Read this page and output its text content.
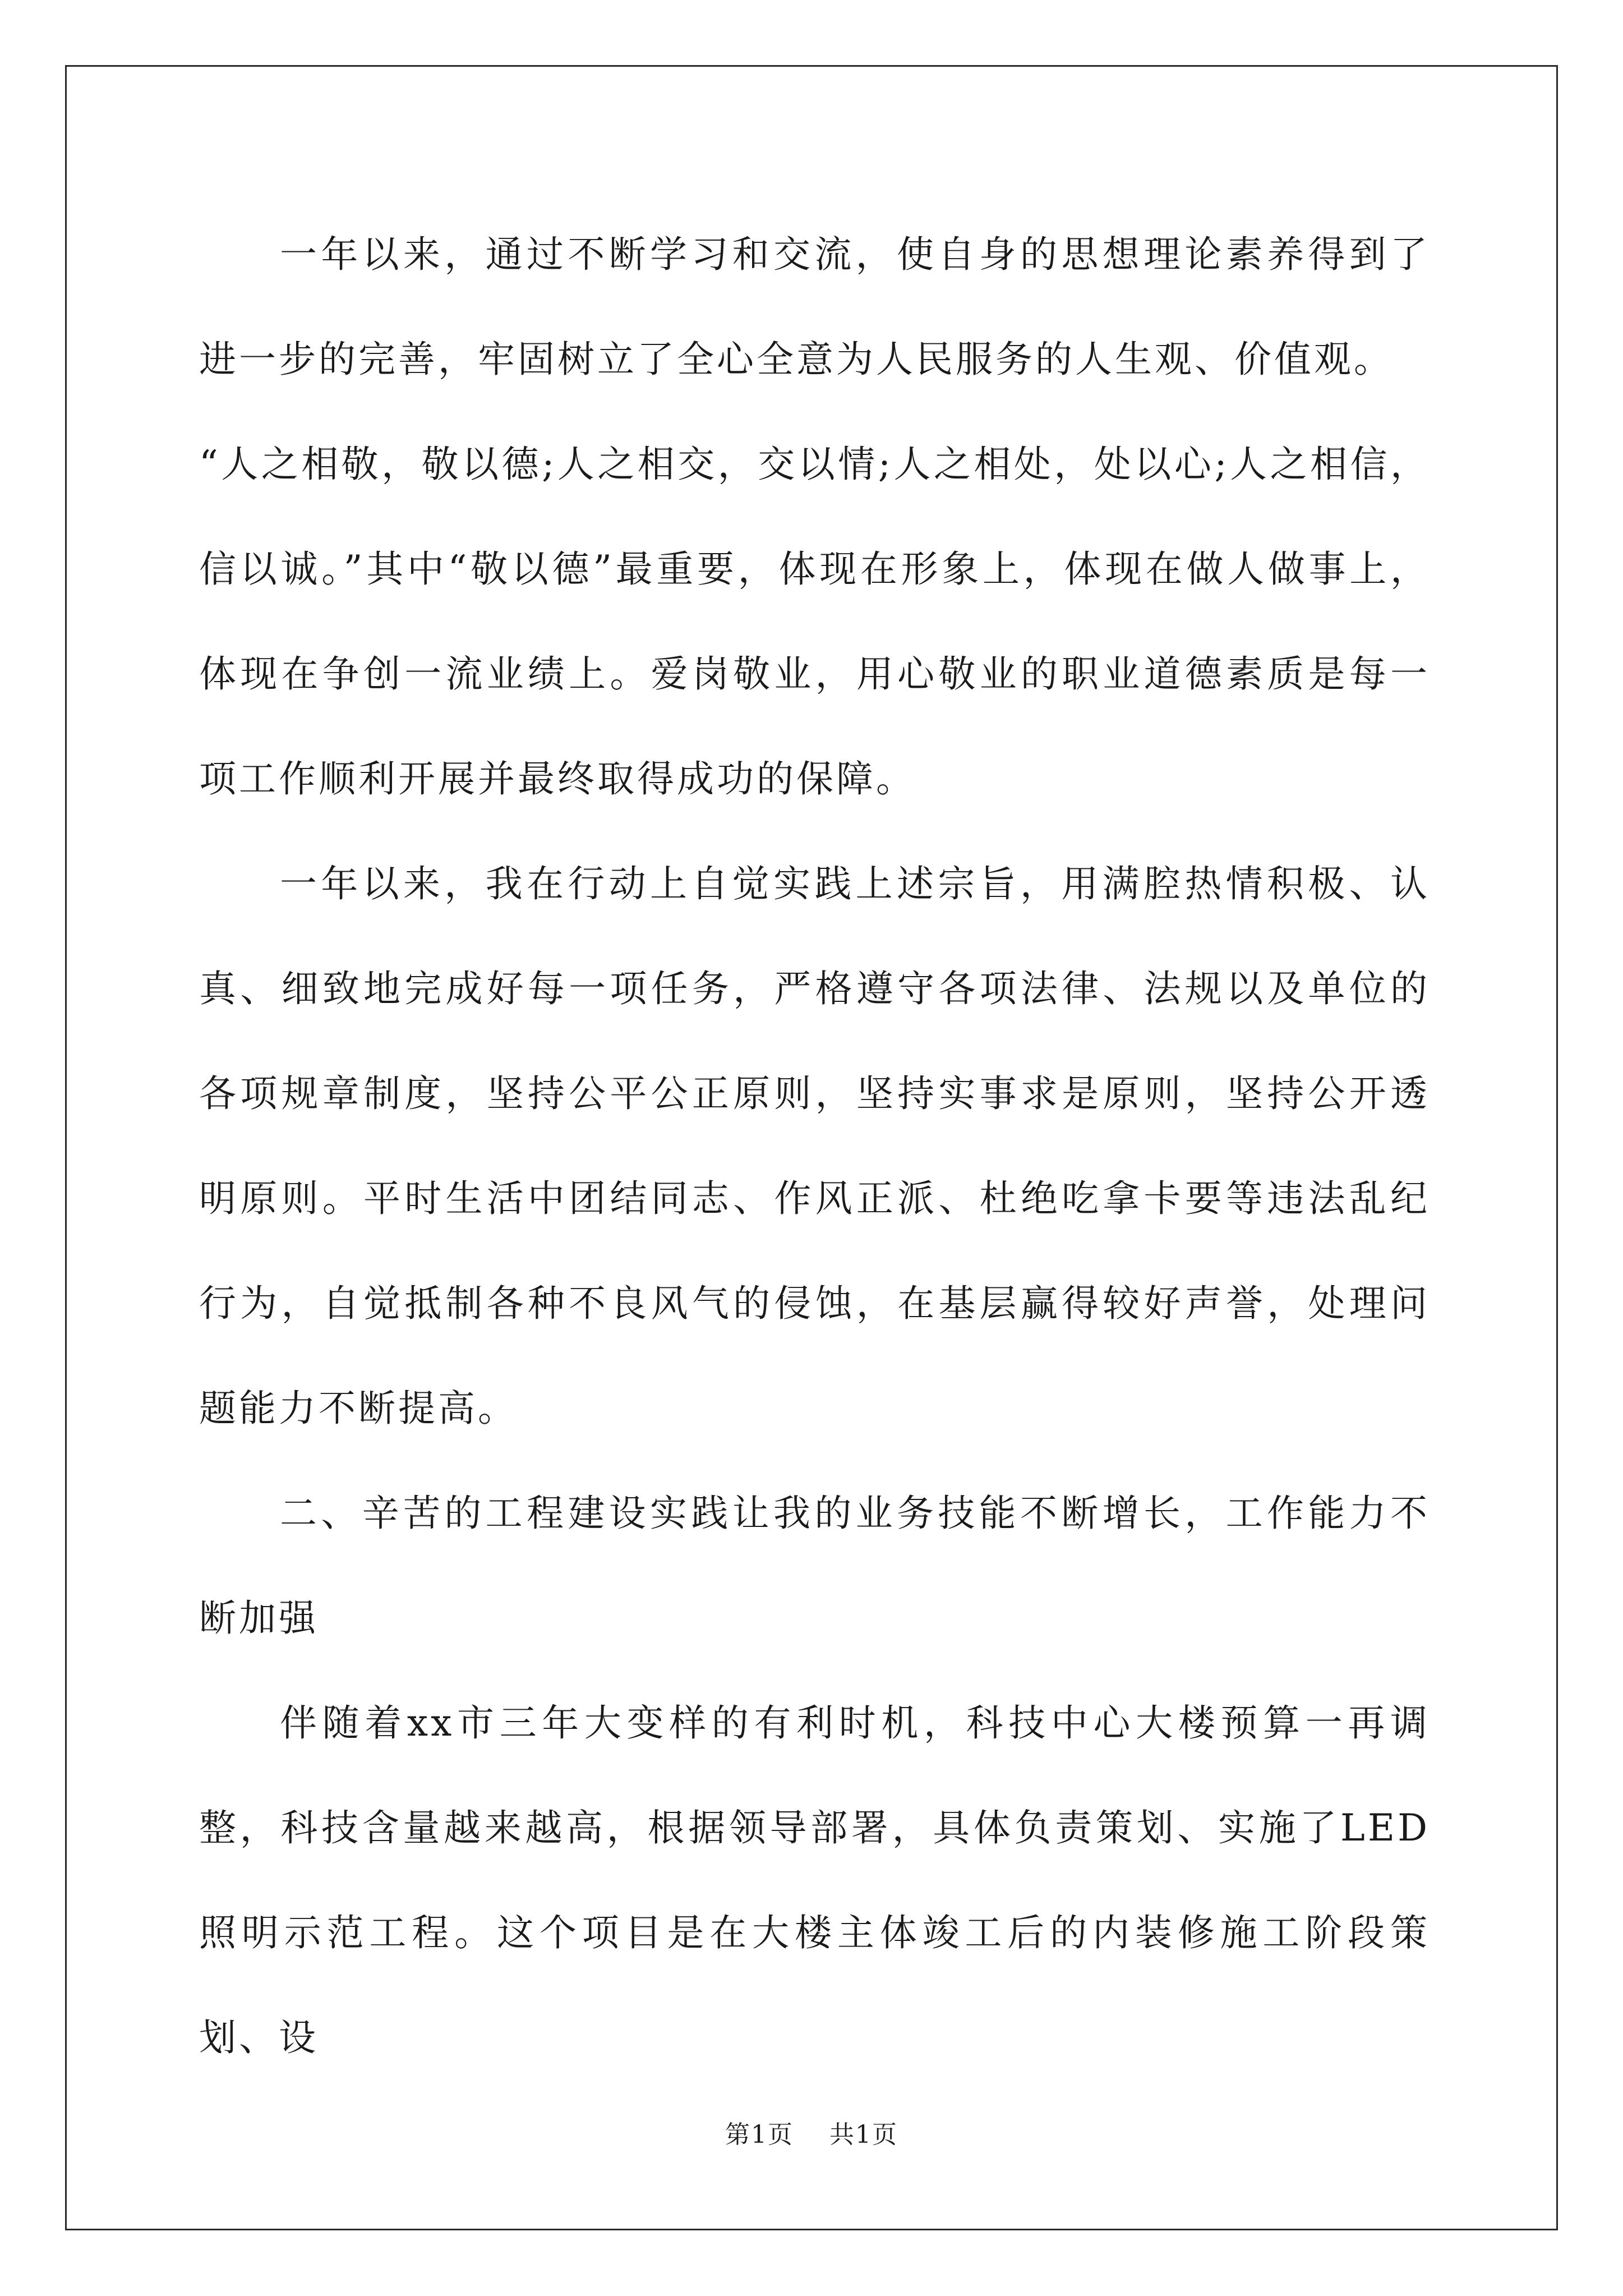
一年以来，通过不断学习和交流，使自身的思想理论素养得到了进一步的完善，牢固树立了全心全意为人民服务的人生观、价值观。

“人之相敬，敬以德;人之相交，交以情;人之相处，处以心;人之相信，信以诚。”其中“敬以德”最重要，体现在形象上，体现在做人做事上，体现在争创一流业绩上。爱岗敬业，用心敬业的职业道德素质是每一项工作顺利开展并最终取得成功的保障。

一年以来，我在行动上自觉实践上述宗旨，用满腔热情积极、认真、细致地完成好每一项任务，严格遵守各项法律、法规以及单位的各项规章制度，坚持公平公正原则，坚持实事求是原则，坚持公开透明原则。平时生活中团结同志、作风正派、杜绝吃拿卡要等违法乱纪行为，自觉抵制各种不良风气的侵蚀，在基层赢得较好声誉，处理问题能力不断提高。

二、辛苦的工程建设实践让我的业务技能不断增长，工作能力不断加强

伴随着xx市三年大变样的有利时机，科技中心大楼预算一再调整，科技含量越来越高，根据领导部署，具体负责策划、实施了LED照明示范工程。这个项目是在大楼主体竣工后的内装修施工阶段策划、设

第1页    共1页
